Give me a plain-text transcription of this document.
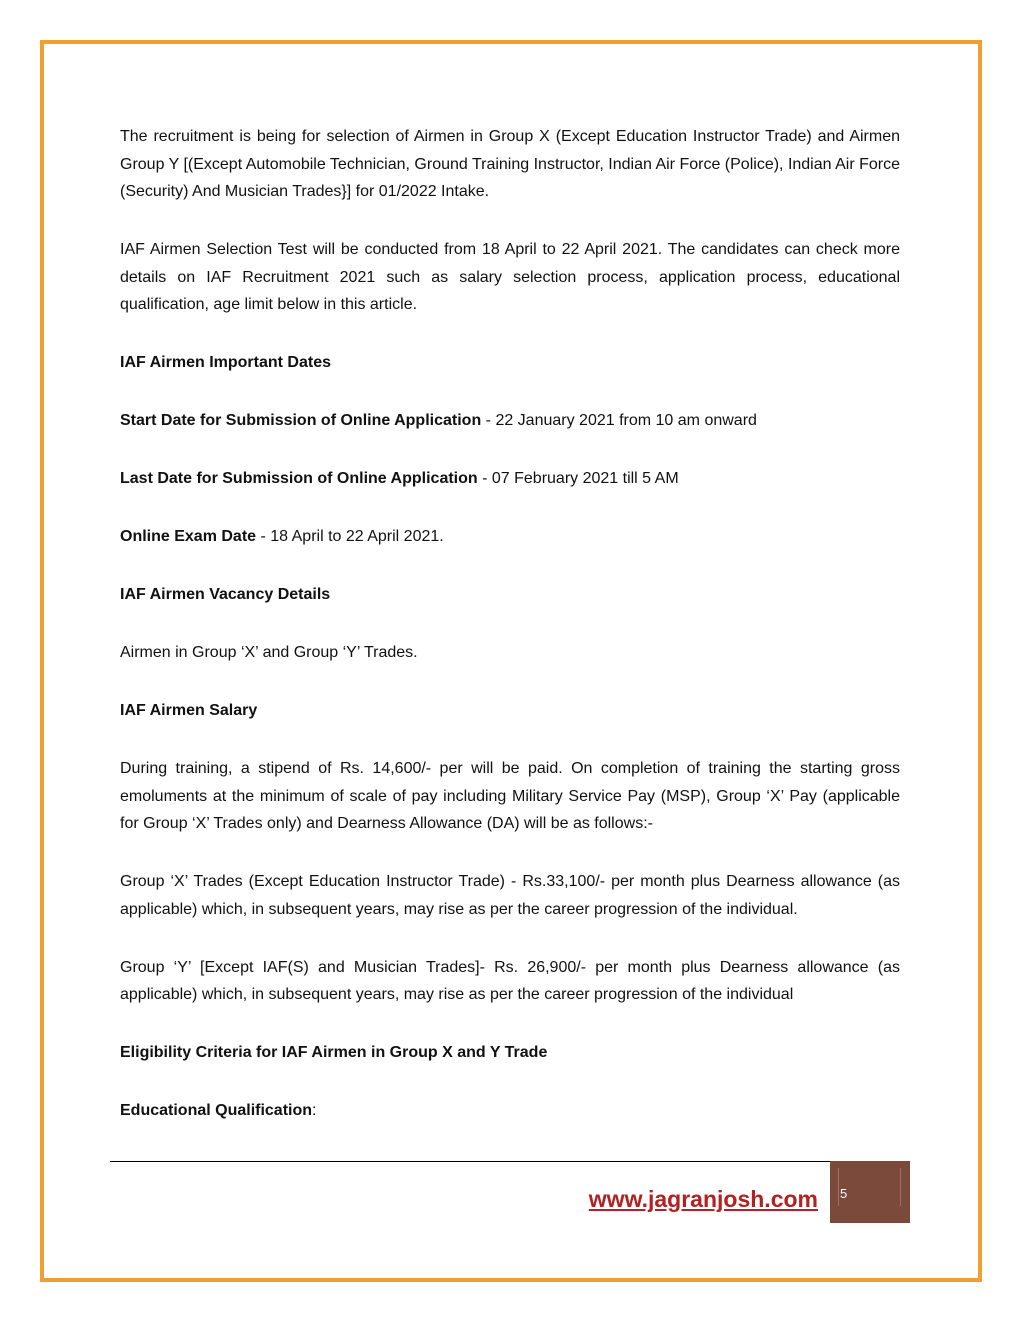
The recruitment is being for selection of Airmen in Group X (Except Education Instructor Trade) and Airmen Group Y [(Except Automobile Technician, Ground Training Instructor, Indian Air Force (Police), Indian Air Force (Security) And Musician Trades}] for 01/2022 Intake.

IAF Airmen Selection Test will be conducted from 18 April to 22 April 2021. The candidates can check more details on IAF Recruitment 2021 such as salary selection process, application process, educational qualification, age limit below in this article.

IAF Airmen Important Dates

Start Date for Submission of Online Application - 22 January 2021 from 10 am onward

Last Date for Submission of Online Application - 07 February 2021 till 5 AM

Online Exam Date - 18 April to 22 April 2021.

IAF Airmen Vacancy Details

Airmen in Group ‘X’ and Group ‘Y’ Trades.

IAF Airmen Salary

During training, a stipend of Rs. 14,600/- per will be paid. On completion of training the starting gross emoluments at the minimum of scale of pay including Military Service Pay (MSP), Group ‘X’ Pay (applicable for Group ‘X’ Trades only) and Dearness Allowance (DA) will be as follows:-

Group ‘X’ Trades (Except Education Instructor Trade) - Rs.33,100/- per month plus Dearness allowance (as applicable) which, in subsequent years, may rise as per the career progression of the individual.

Group ‘Y’ [Except IAF(S) and Musician Trades]- Rs. 26,900/- per month plus Dearness allowance (as applicable) which, in subsequent years, may rise as per the career progression of the individual

Eligibility Criteria for IAF Airmen in Group X and Y Trade

Educational Qualification:

www.jagranjosh.com 5
